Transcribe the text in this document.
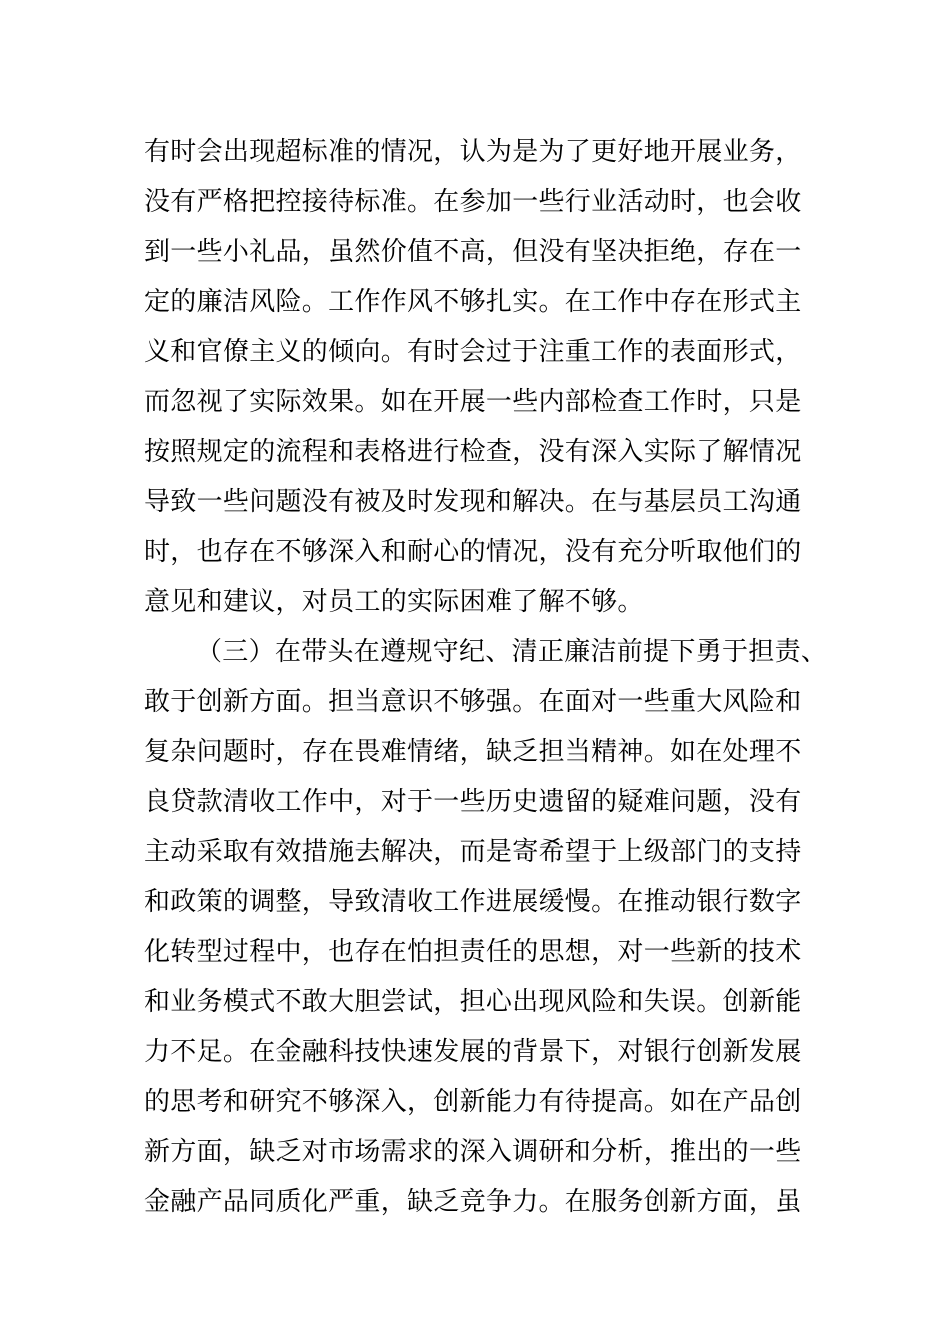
有时会出现超标准的情况，认为是为了更好地开展业务，
没有严格把控接待标准。在参加一些行业活动时，也会收
到一些小礼品，虽然价值不高，但没有坚决拒绝，存在一
定的廉洁风险。工作作风不够扎实。在工作中存在形式主
义和官僚主义的倾向。有时会过于注重工作的表面形式，
而忽视了实际效果。如在开展一些内部检查工作时，只是
按照规定的流程和表格进行检查，没有深入实际了解情况
导致一些问题没有被及时发现和解决。在与基层员工沟通
时，也存在不够深入和耐心的情况，没有充分听取他们的
意见和建议，对员工的实际困难了解不够。
（三）在带头在遵规守纪、清正廉洁前提下勇于担责、
敢于创新方面。担当意识不够强。在面对一些重大风险和
复杂问题时，存在畏难情绪，缺乏担当精神。如在处理不
良贷款清收工作中，对于一些历史遗留的疑难问题，没有
主动采取有效措施去解决，而是寄希望于上级部门的支持
和政策的调整，导致清收工作进展缓慢。在推动银行数字
化转型过程中，也存在怕担责任的思想，对一些新的技术
和业务模式不敢大胆尝试，担心出现风险和失误。创新能
力不足。在金融科技快速发展的背景下，对银行创新发展
的思考和研究不够深入，创新能力有待提高。如在产品创
新方面，缺乏对市场需求的深入调研和分析，推出的一些
金融产品同质化严重，缺乏竞争力。在服务创新方面，虽
